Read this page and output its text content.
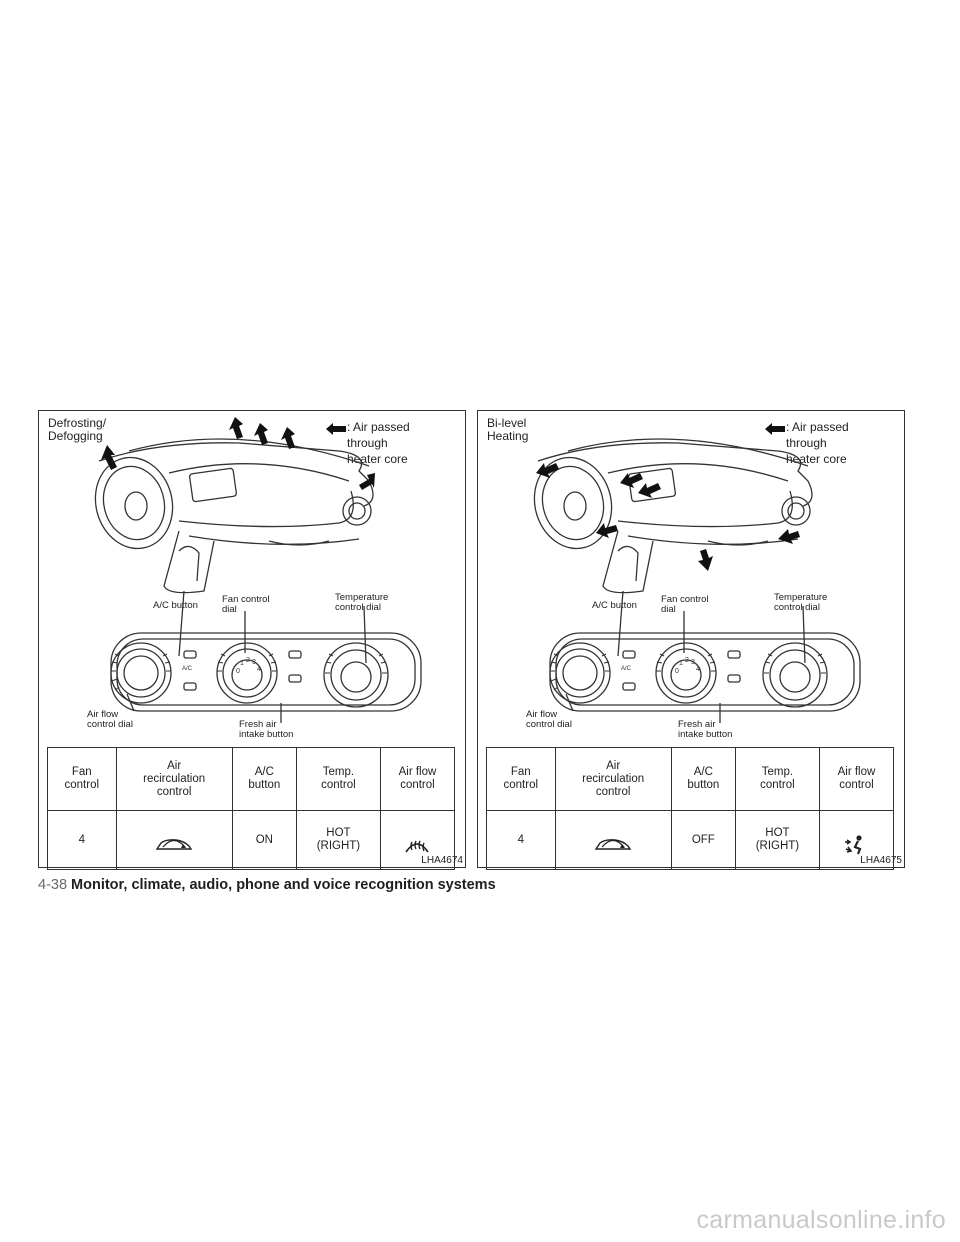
Defrosting/
Defogging
: Air passed
through
heater core
A/C	0
1 2 3
4
A/C button
Fan control
dial
Temperature
control dial
Air flow
control dial	Fresh air
intake button
Fan
control	Air
recirculation
control	A/C
button	Temp.
control	Air flow
control
4		ON	HOT
(RIGHT)	

LHA4674
Bi-level
Heating
: Air passed
through
heater core
A/C	0
1 2 3
4
A/C button
Fan control
dial
Temperature
control dial
Air flow
control dial	Fresh air
intake button
Fan
control	Air
recirculation
control	A/C
button	Temp.
control	Air flow
control
4		OFF	HOT
(RIGHT)	

LHA4675
4-38 Monitor, climate, audio, phone and voice recognition systems
carmanualsonline.info
